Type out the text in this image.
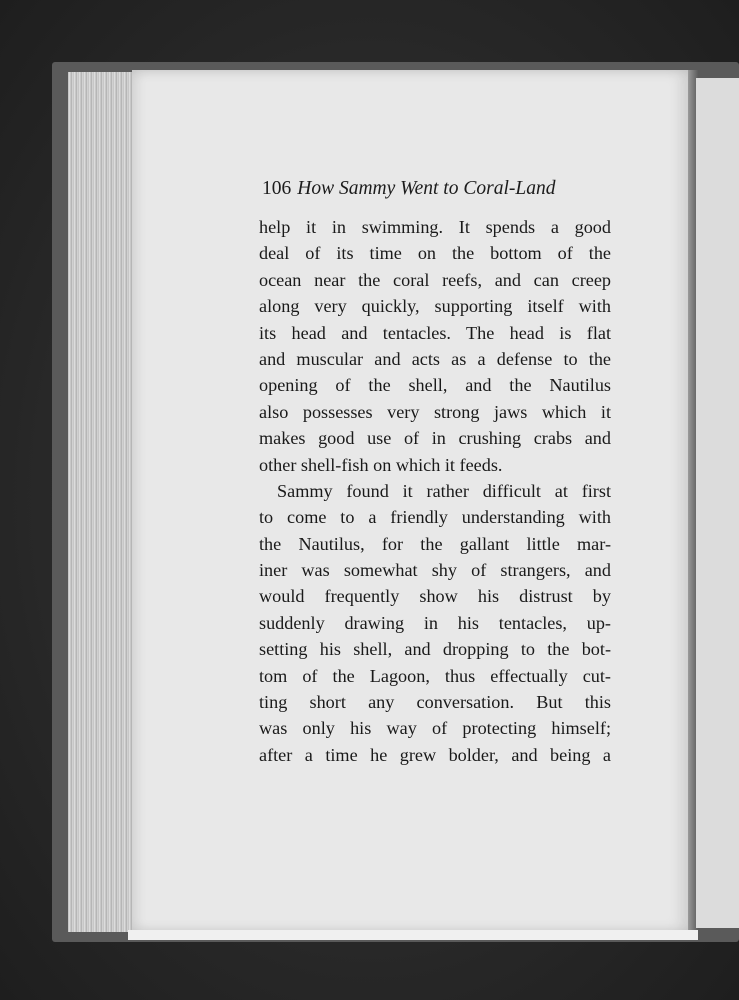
106 How Sammy Went to Coral-Land
help it in swimming. It spends a good
deal of its time on the bottom of the
ocean near the coral reefs, and can creep
along very quickly, supporting itself with
its head and tentacles. The head is flat
and muscular and acts as a defense to the
opening of the shell, and the Nautilus
also possesses very strong jaws which it
makes good use of in crushing crabs and
other shell-fish on which it feeds.
Sammy found it rather difficult at first
to come to a friendly understanding with
the Nautilus, for the gallant little mar-
iner was somewhat shy of strangers, and
would frequently show his distrust by
suddenly drawing in his tentacles, up-
setting his shell, and dropping to the bot-
tom of the Lagoon, thus effectually cut-
ting short any conversation. But this
was only his way of protecting himself;
after a time he grew bolder, and being a
